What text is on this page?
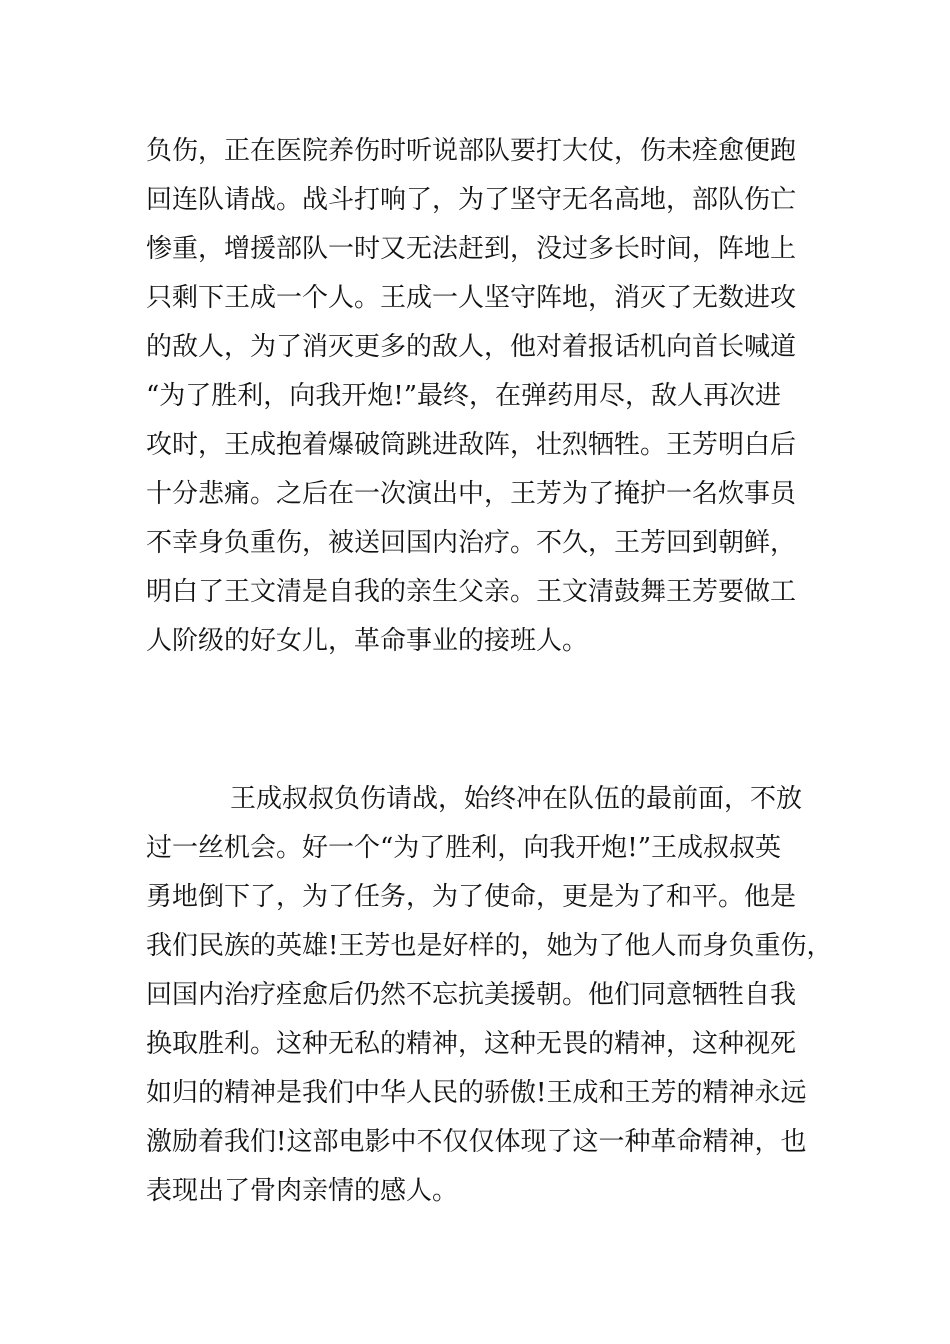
负伤，正在医院养伤时听说部队要打大仗，伤未痊愈便跑
回连队请战。战斗打响了，为了坚守无名高地，部队伤亡
惨重，增援部队一时又无法赶到，没过多长时间，阵地上
只剩下王成一个人。王成一人坚守阵地，消灭了无数进攻
的敌人，为了消灭更多的敌人，他对着报话机向首长喊道
“为了胜利，向我开炮!”最终，在弹药用尽，敌人再次进
攻时，王成抱着爆破筒跳进敌阵，壮烈牺牲。王芳明白后
十分悲痛。之后在一次演出中，王芳为了掩护一名炊事员
不幸身负重伤，被送回国内治疗。不久，王芳回到朝鲜，
明白了王文清是自我的亲生父亲。王文清鼓舞王芳要做工
人阶级的好女儿，革命事业的接班人。
王成叔叔负伤请战，始终冲在队伍的最前面，不放
过一丝机会。好一个“为了胜利，向我开炮!”王成叔叔英
勇地倒下了，为了任务，为了使命，更是为了和平。他是
我们民族的英雄!王芳也是好样的，她为了他人而身负重伤，
回国内治疗痊愈后仍然不忘抗美援朝。他们同意牺牲自我
换取胜利。这种无私的精神，这种无畏的精神，这种视死
如归的精神是我们中华人民的骄傲!王成和王芳的精神永远
激励着我们!这部电影中不仅仅体现了这一种革命精神，也
表现出了骨肉亲情的感人。
